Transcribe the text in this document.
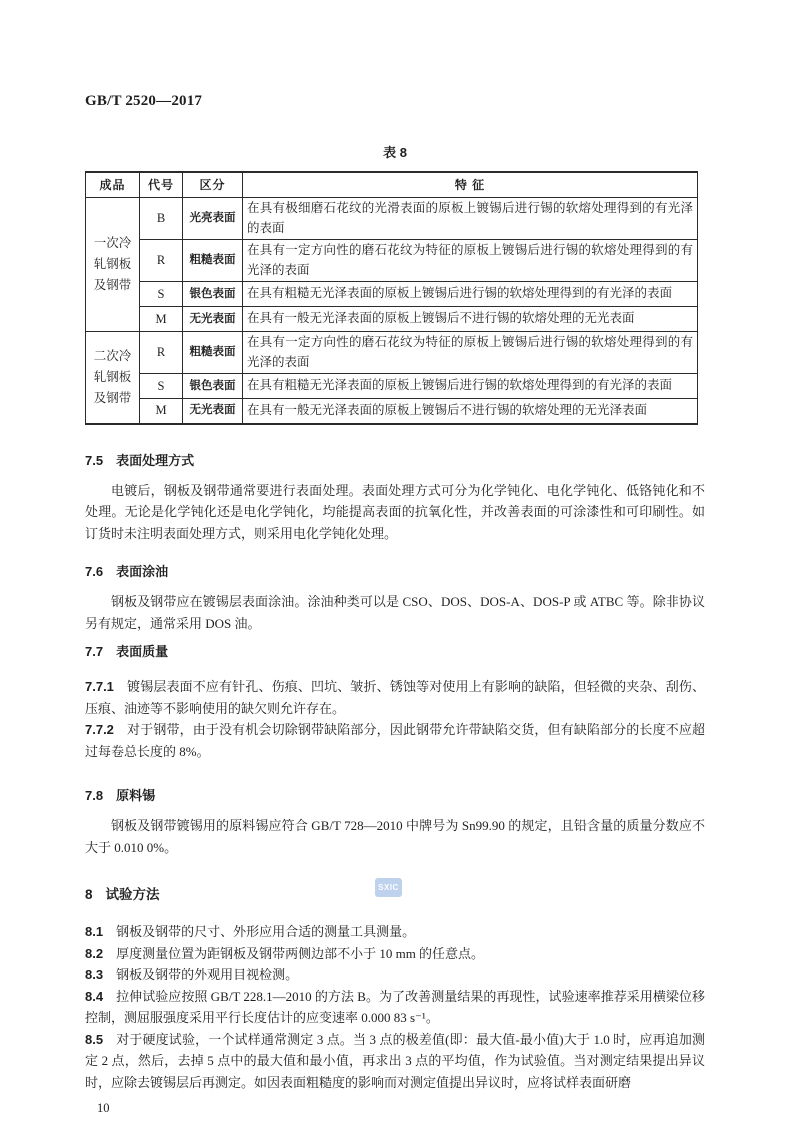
GB/T 2520—2017
表 8
成品	代号	区分	特 征
一次冷轧钢板及钢带	B	光亮表面	在具有极细磨石花纹的光滑表面的原板上镀锡后进行锡的软熔处理得到的有光泽的表面
	R	粗糙表面	在具有一定方向性的磨石花纹为特征的原板上镀锡后进行锡的软熔处理得到的有光泽的表面
	S	银色表面	在具有粗糙无光泽表面的原板上镀锡后进行锡的软熔处理得到的有光泽的表面
	M	无光表面	在具有一般无光泽表面的原板上镀锡后不进行锡的软熔处理的无光表面
二次冷轧钢板及钢带	R	粗糙表面	在具有一定方向性的磨石花纹为特征的原板上镀锡后进行锡的软熔处理得到的有光泽的表面
	S	银色表面	在具有粗糙无光泽表面的原板上镀锡后进行锡的软熔处理得到的有光泽的表面
	M	无光表面	在具有一般无光泽表面的原板上镀锡后不进行锡的软熔处理的无光泽表面

7.5 表面处理方式

电镀后，钢板及钢带通常要进行表面处理。表面处理方式可分为化学钝化、电化学钝化、低铬钝化和不处理。无论是化学钝化还是电化学钝化，均能提高表面的抗氧化性，并改善表面的可涂漆性和可印刷性。如订货时未注明表面处理方式，则采用电化学钝化处理。

7.6 表面涂油

钢板及钢带应在镀锡层表面涂油。涂油种类可以是 CSO、DOS、DOS-A、DOS-P 或 ATBC 等。除非协议另有规定，通常采用 DOS 油。

7.7 表面质量

7.7.1 镀锡层表面不应有针孔、伤痕、凹坑、皱折、锈蚀等对使用上有影响的缺陷，但轻微的夹杂、刮伤、压痕、油迹等不影响使用的缺欠则允许存在。

7.7.2 对于钢带，由于没有机会切除钢带缺陷部分，因此钢带允许带缺陷交货，但有缺陷部分的长度不应超过每卷总长度的 8%。

7.8 原料锡

钢板及钢带镀锡用的原料锡应符合 GB/T 728—2010 中牌号为 Sn99.90 的规定，且铅含量的质量分数应不大于 0.010 0%。

8 试验方法

8.1 钢板及钢带的尺寸、外形应用合适的测量工具测量。

8.2 厚度测量位置为距钢板及钢带两侧边部不小于 10 mm 的任意点。

8.3 钢板及钢带的外观用目视检测。

8.4 拉伸试验应按照 GB/T 228.1—2010 的方法 B。为了改善测量结果的再现性，试验速率推荐采用横梁位移控制，测屈服强度采用平行长度估计的应变速率 0.000 83 s⁻¹。

8.5 对于硬度试验，一个试样通常测定 3 点。当 3 点的极差值(即：最大值-最小值)大于 1.0 时，应再追加测定 2 点，然后，去掉 5 点中的最大值和最小值，再求出 3 点的平均值，作为试验值。当对测定结果提出异议时，应除去镀锡层后再测定。如因表面粗糙度的影响而对测定值提出异议时，应将试样表面研磨

10
SXIC
